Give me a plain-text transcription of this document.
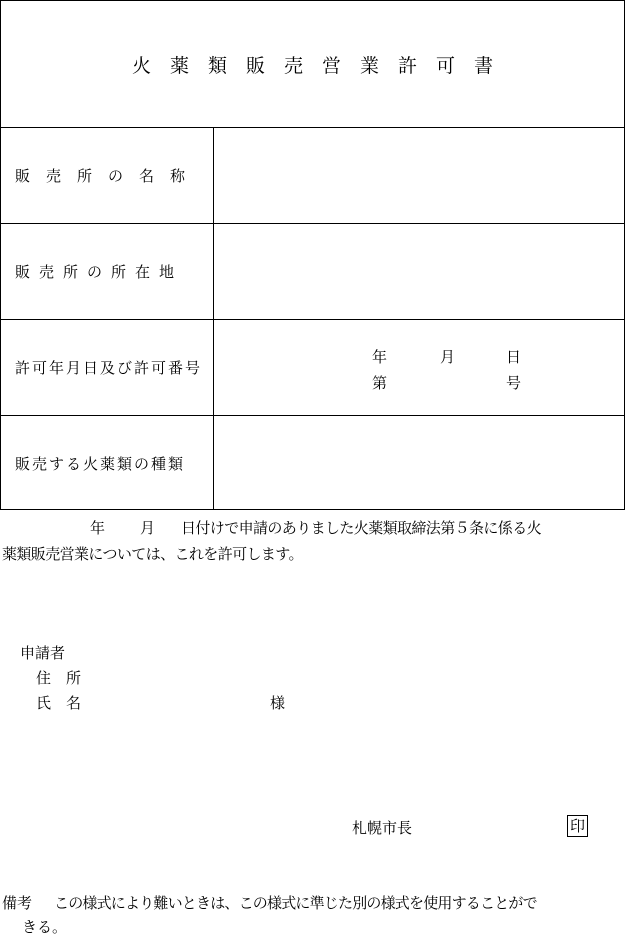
火薬類販売営業許可書
販売所の名称
販売所の所在地
許可年月日及び許可番号
年	月	日
第	号
販売する火薬類の種類
年 月 日付けで申請のありました火薬類取締法第５条に係る火
薬類販売営業については、これを許可します。
申請者
住　所
氏　名	様
札幌市長	印
備考 この様式により難いときは、この様式に準じた別の様式を使用することがで
きる。
